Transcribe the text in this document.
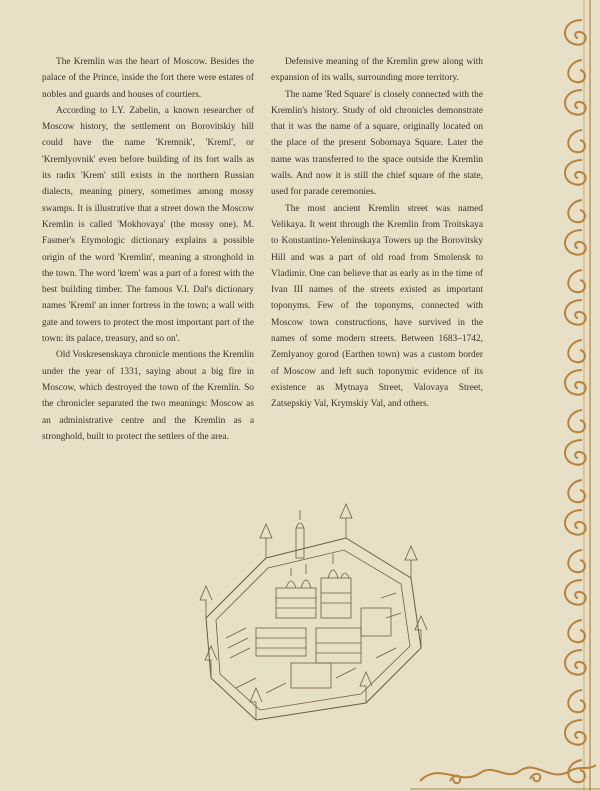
The Kremlin was the heart of Moscow. Besides the palace of the Prince, inside the fort there were estates of nobles and guards and houses of courtiers.

According to I.Y. Zabelin, a known researcher of Moscow history, the settlement on Borovitskiy hill could have the name 'Kremnik', 'Kreml', or 'Kremlyovnik' even before building of its fort walls as its radix 'Krem' still exists in the northern Russian dialects, meaning pinery, sometimes among mossy swamps. It is illustrative that a street down the Moscow Kremlin is called 'Mokhovaya' (the mossy one). M. Fasmer's Etymologic dictionary explains a possible origin of the word 'Kremlin', meaning a stronghold in the town. The word 'krem' was a part of a forest with the best building timber. The famous V.I. Dal's dictionary names 'Kreml' an inner fortress in the town; a wall with gate and towers to protect the most important part of the town: its palace, treasury, and so on'.

Old Voskresenskaya chronicle mentions the Kremlin under the year of 1331, saying about a big fire in Moscow, which destroyed the town of the Kremlin. So the chronicler separated the two meanings: Moscow as an administrative centre and the Kremlin as a stronghold, built to protect the settlers of the area.

Defensive meaning of the Kremlin grew along with expansion of its walls, surrounding more territory.

The name 'Red Square' is closely connected with the Kremlin's history. Study of old chronicles demonstrate that it was the name of a square, originally located on the place of the present Sobornaya Square. Later the name was transferred to the space outside the Kremlin walls. And now it is still the chief square of the state, used for parade ceremonies.

The most ancient Kremlin street was named Velikaya. It went through the Kremlin from Troitskaya to Konstantino-Yeleninskaya Towers up the Borovitsky Hill and was a part of old road from Smolensk to Vladimir. One can believe that as early as in the time of Ivan III names of the streets existed as important toponyms. Few of the toponyms, connected with Moscow town constructions, have survived in the names of some modern streets. Between 1683–1742, Zemlyanoy gorod (Earthen town) was a custom border of Moscow and left such toponymic evidence of its existence as Mytnaya Street, Valovaya Street, Zatsepskiy Val, Krymskiy Val, and others.
